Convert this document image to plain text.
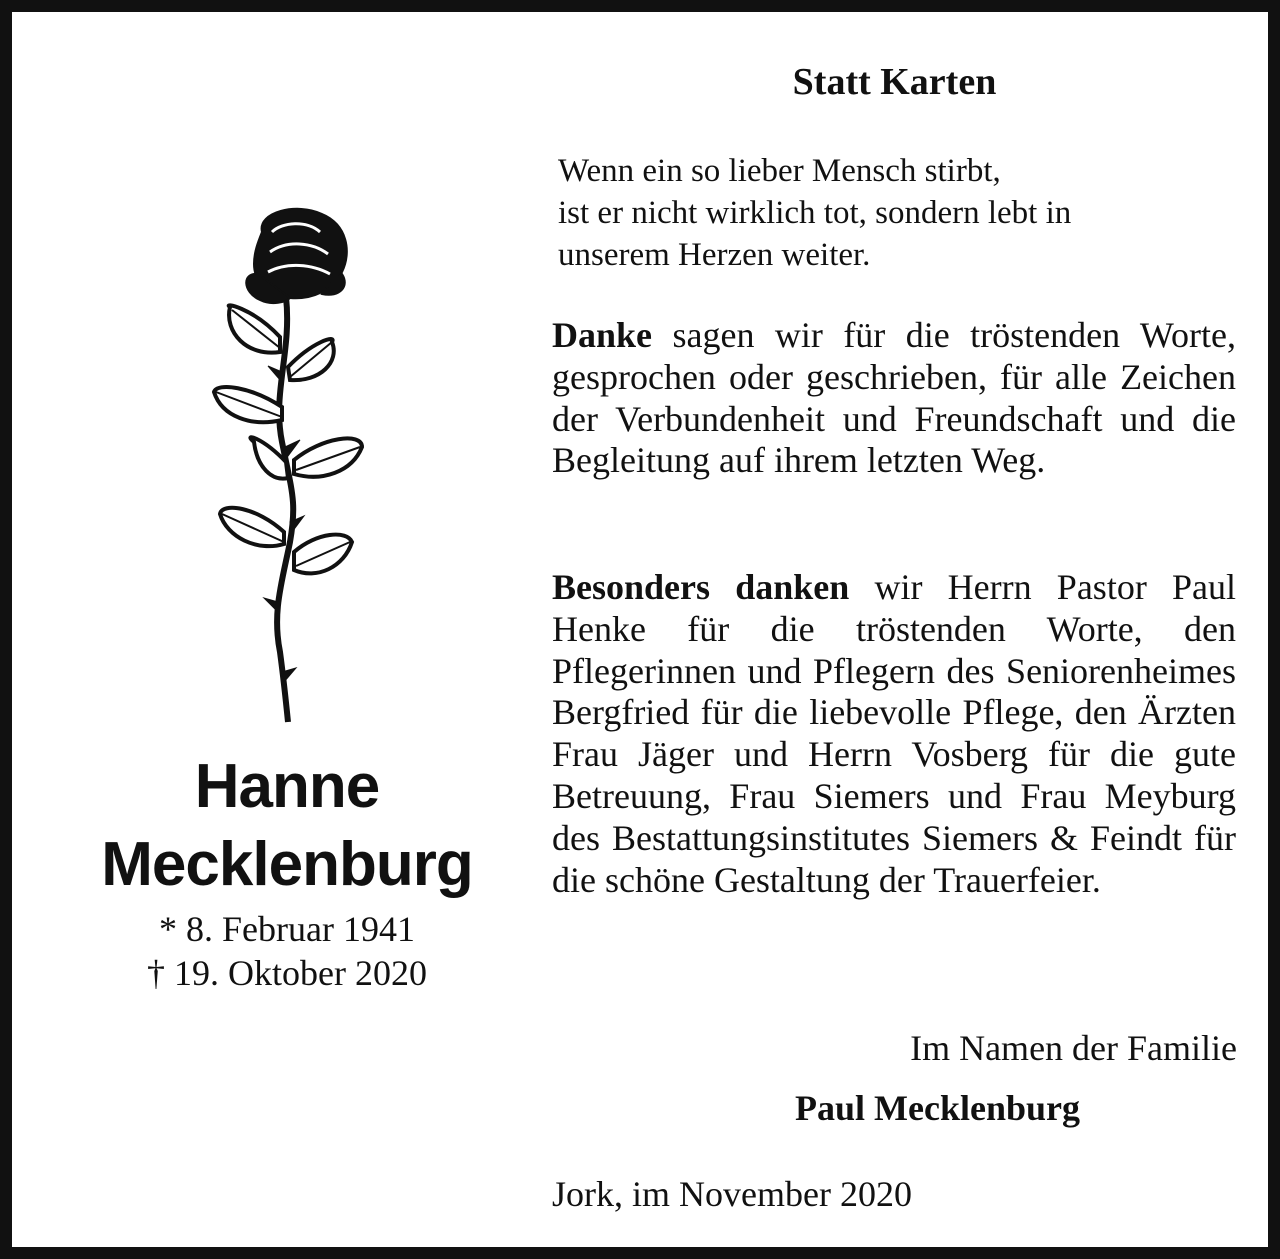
Statt Karten
Wenn ein so lieber Mensch stirbt,
ist er nicht wirklich tot, sondern lebt in
unserem Herzen weiter.
Danke sagen wir für die tröstenden Worte, gesprochen oder geschrieben, für alle Zeichen der Verbundenheit und Freundschaft und die Begleitung auf ihrem letzten Weg.
Besonders danken wir Herrn Pastor Paul Henke für die tröstenden Worte, den Pflegerinnen und Pflegern des Seniorenheimes Bergfried für die liebevolle Pflege, den Ärzten Frau Jäger und Herrn Vosberg für die gute Betreuung, Frau Siemers und Frau Meyburg des Bestattungsinstitutes Siemers & Feindt für die schöne Gestaltung der Trauerfeier.
Im Namen der Familie
Paul Mecklenburg
Jork, im November 2020
Hanne
Mecklenburg
* 8. Februar 1941
† 19. Oktober 2020
